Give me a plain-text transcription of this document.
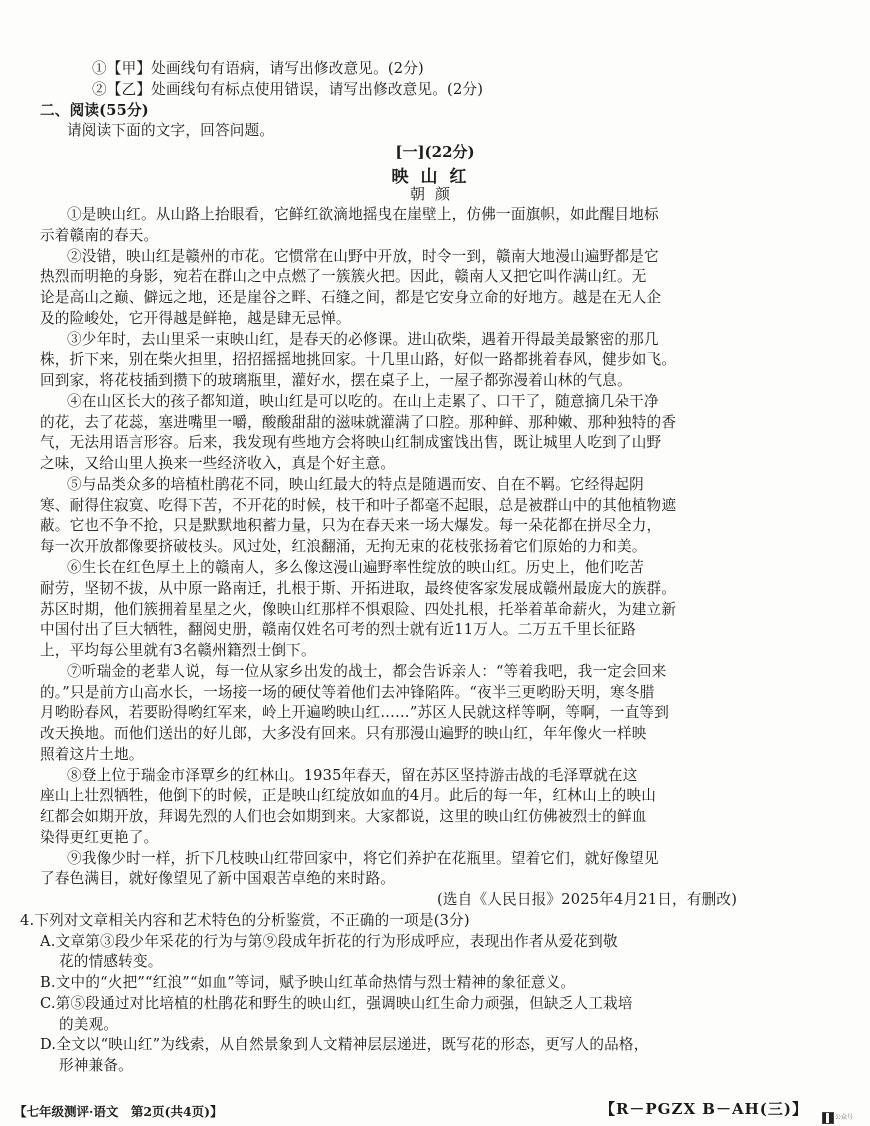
①【甲】处画线句有语病，请写出修改意见。(2分)
②【乙】处画线句有标点使用错误，请写出修改意见。(2分)
二、阅读(55分)
请阅读下面的文字，回答问题。
①是映山红。从山路上抬眼看，它鲜红欲滴地摇曳在崖壁上，仿佛一面旗帜，如此醒目地标
示着赣南的春天。
②没错，映山红是赣州的市花。它惯常在山野中开放，时令一到，赣南大地漫山遍野都是它
热烈而明艳的身影，宛若在群山之中点燃了一簇簇火把。因此，赣南人又把它叫作满山红。无
论是高山之巅、僻远之地，还是崖谷之畔、石缝之间，都是它安身立命的好地方。越是在无人企
及的险峻处，它开得越是鲜艳，越是肆无忌惮。
③少年时，去山里采一束映山红，是春天的必修课。进山砍柴，遇着开得最美最繁密的那几
株，折下来，别在柴火担里，招招摇摇地挑回家。十几里山路，好似一路都挑着春风，健步如飞。
回到家，将花枝插到攒下的玻璃瓶里，灌好水，摆在桌子上，一屋子都弥漫着山林的气息。
④在山区长大的孩子都知道，映山红是可以吃的。在山上走累了、口干了，随意摘几朵干净
的花，去了花蕊，塞进嘴里一嚼，酸酸甜甜的滋味就灌满了口腔。那种鲜、那种嫩、那种独特的香
气，无法用语言形容。后来，我发现有些地方会将映山红制成蜜饯出售，既让城里人吃到了山野
之味，又给山里人换来一些经济收入，真是个好主意。
⑤与品类众多的培植杜鹃花不同，映山红最大的特点是随遇而安、自在不羁。它经得起阴
寒、耐得住寂寞、吃得下苦，不开花的时候，枝干和叶子都毫不起眼，总是被群山中的其他植物遮
蔽。它也不争不抢，只是默默地积蓄力量，只为在春天来一场大爆发。每一朵花都在拼尽全力，
每一次开放都像要挤破枝头。风过处，红浪翻涌，无拘无束的花枝张扬着它们原始的力和美。
⑥生长在红色厚土上的赣南人，多么像这漫山遍野率性绽放的映山红。历史上，他们吃苦
耐劳，坚韧不拔，从中原一路南迁，扎根于斯、开拓进取，最终使客家发展成赣州最庞大的族群。
苏区时期，他们簇拥着星星之火，像映山红那样不惧艰险、四处扎根，托举着革命薪火，为建立新
中国付出了巨大牺牲，翻阅史册，赣南仅姓名可考的烈士就有近11万人。二万五千里长征路
上，平均每公里就有3名赣州籍烈士倒下。
⑦听瑞金的老辈人说，每一位从家乡出发的战士，都会告诉亲人：“等着我吧，我一定会回来
的。”只是前方山高水长，一场接一场的硬仗等着他们去冲锋陷阵。“夜半三更哟盼天明，寒冬腊
月哟盼春风，若要盼得哟红军来，岭上开遍哟映山红……”苏区人民就这样等啊，等啊，一直等到
改天换地。而他们送出的好儿郎，大多没有回来。只有那漫山遍野的映山红，年年像火一样映
照着这片土地。
⑧登上位于瑞金市泽覃乡的红林山。1935年春天，留在苏区坚持游击战的毛泽覃就在这
座山上壮烈牺牲，他倒下的时候，正是映山红绽放如血的4月。此后的每一年，红林山上的映山
红都会如期开放，拜谒先烈的人们也会如期到来。大家都说，这里的映山红仿佛被烈士的鲜血
染得更红更艳了。
⑨我像少时一样，折下几枝映山红带回家中，将它们养护在花瓶里。望着它们，就好像望见
了春色满目，就好像望见了新中国艰苦卓绝的来时路。
(选自《人民日报》2025年4月21日，有删改)
4.下列对文章相关内容和艺术特色的分析鉴赏，不正确的一项是(3分)
A.文章第③段少年采花的行为与第⑨段成年折花的行为形成呼应，表现出作者从爱花到敬
花的情感转变。
B.文中的“火把”“红浪”“如血”等词，赋予映山红革命热情与烈士精神的象征意义。
C.第⑤段通过对比培植的杜鹃花和野生的映山红，强调映山红生命力顽强，但缺乏人工栽培
的美观。
D.全文以“映山红”为线索，从自然景象到人文精神层层递进，既写花的形态，更写人的品格，
形神兼备。
[一](22分)
映山红
朝颜
【七年级测评·语文　第2页(共4页)】	【R－PGZX B－AH(三)】	公众号
